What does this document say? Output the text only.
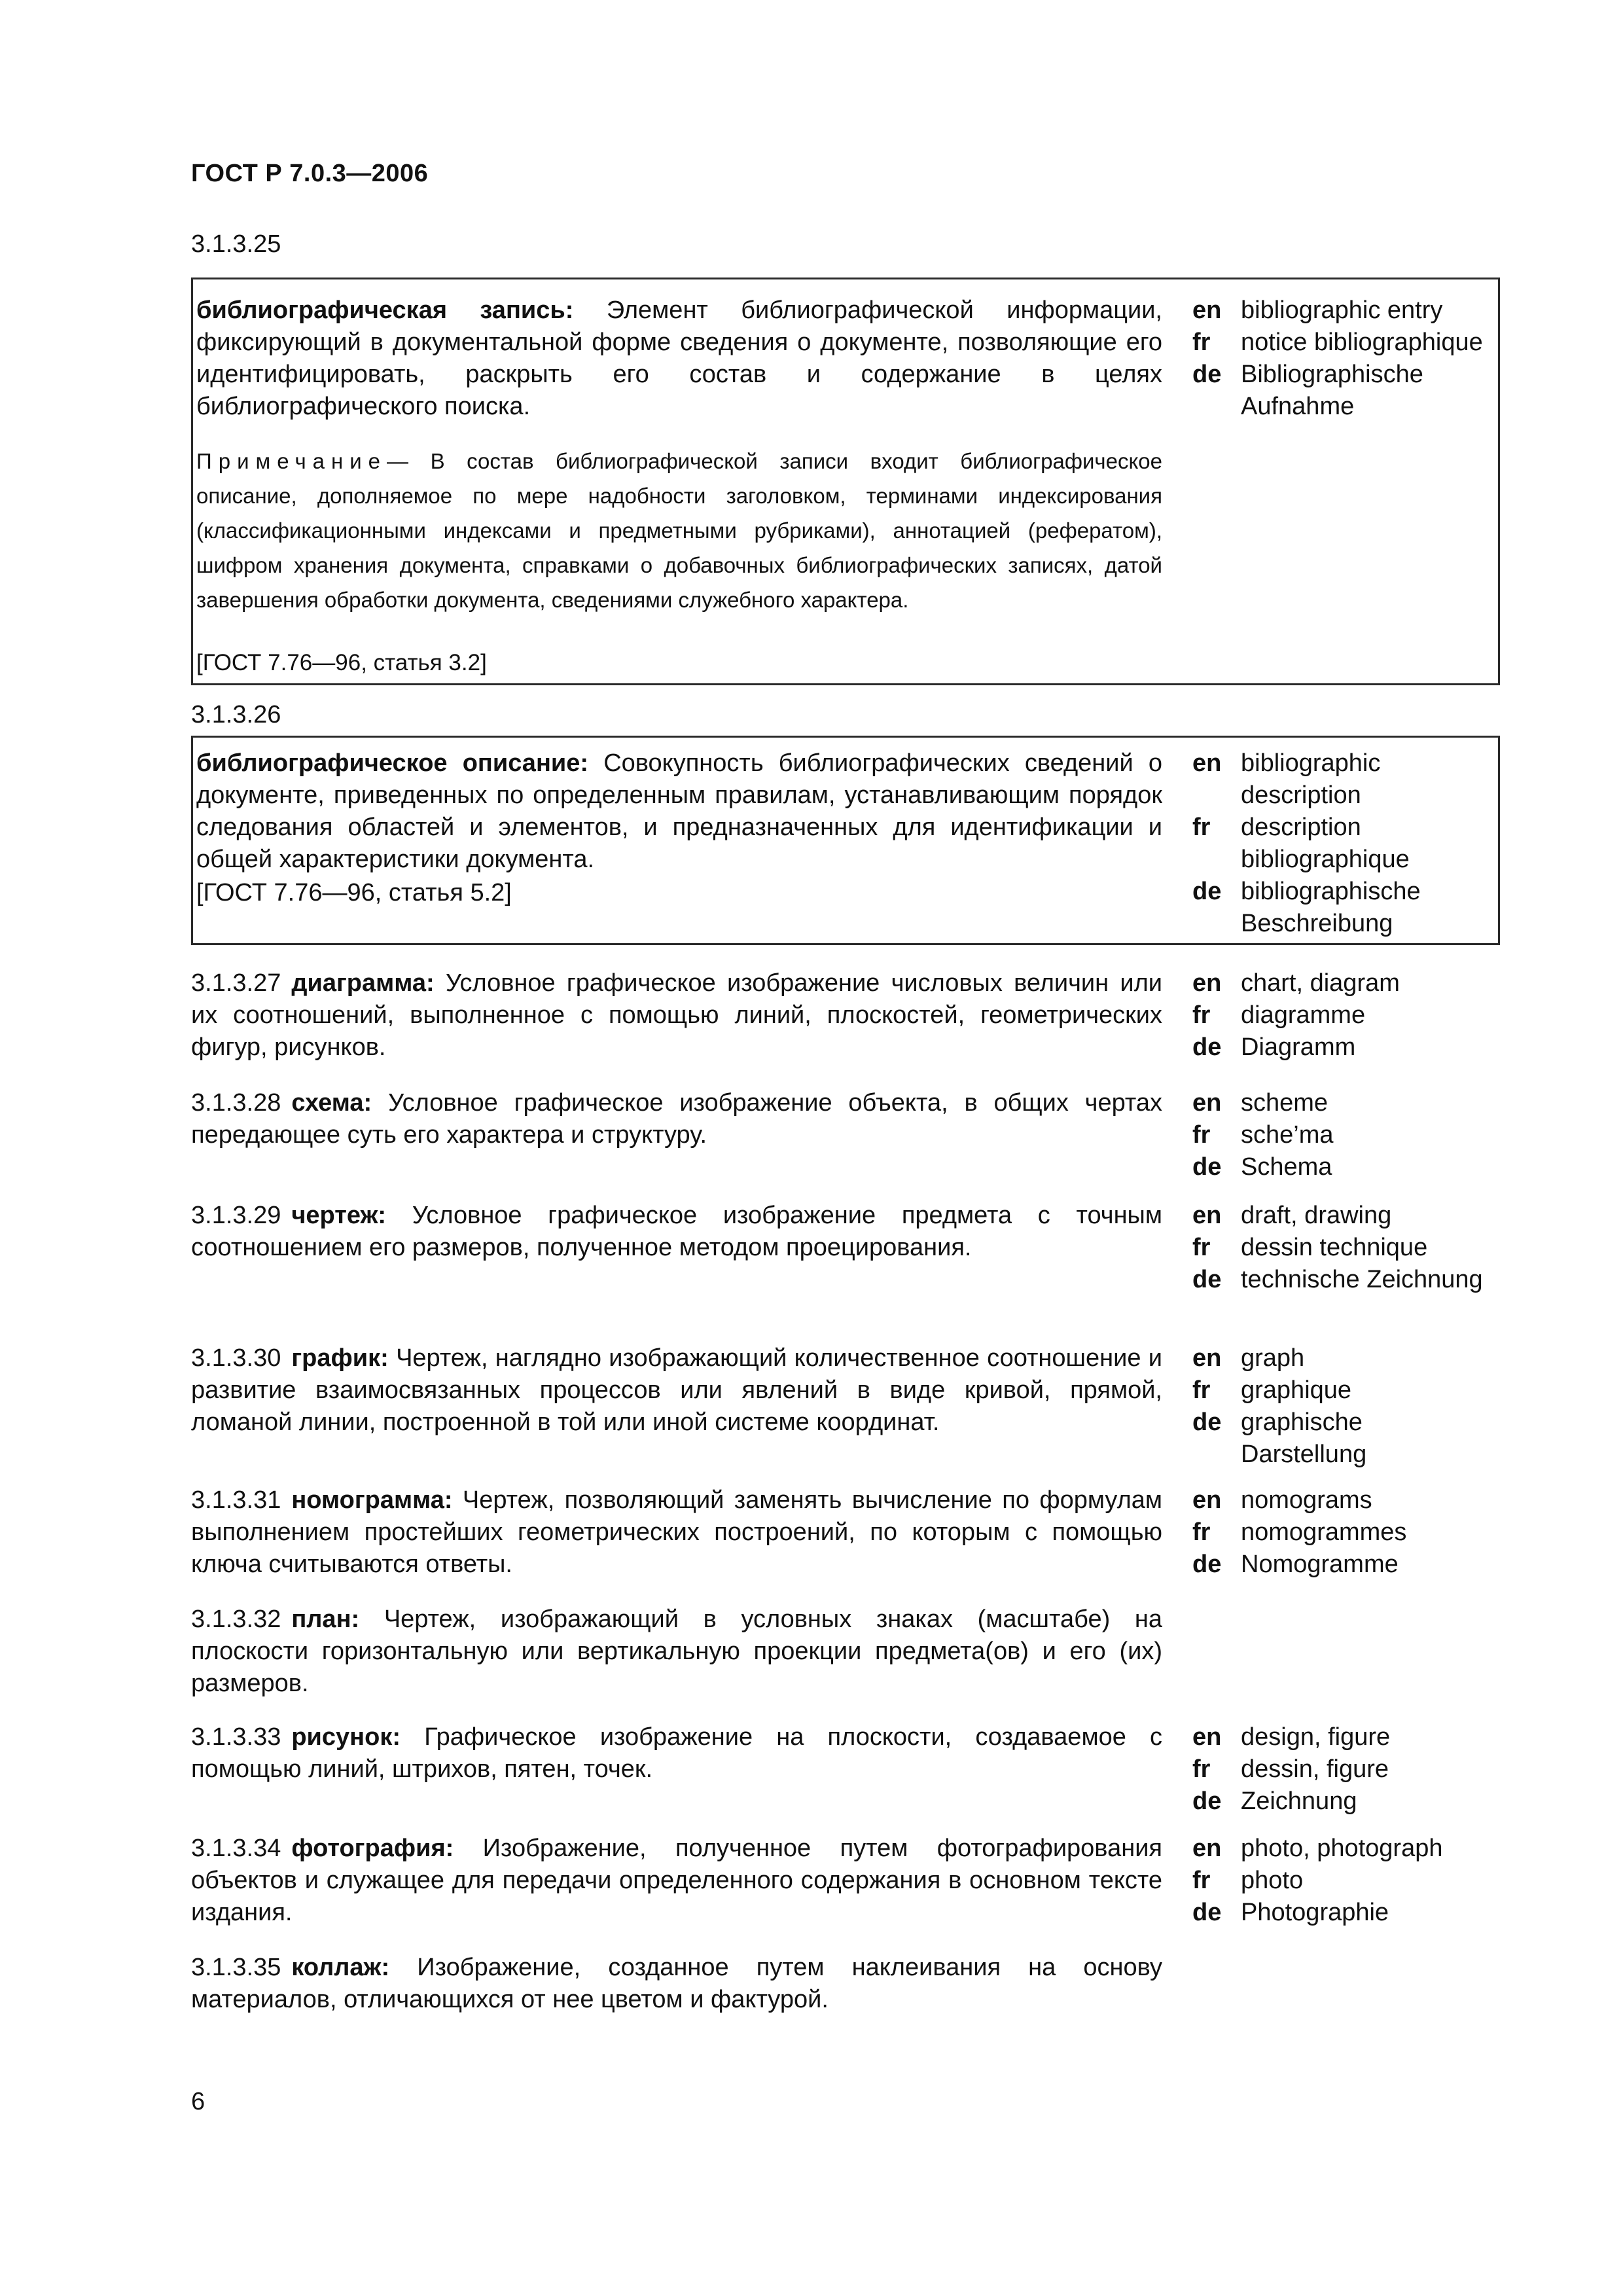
ГОСТ Р 7.0.3—2006
3.1.3.25
библиографическая запись: Элемент библиографической информации, фиксирующий в документальной форме сведения о документе, позволяющие его идентифицировать, раскрыть его состав и содержание в целях библиографического поиска.
Примечание— В состав библиографической записи входит библиографическое описание, дополняемое по мере надобности заголовком, терминами индексирования (классификационными индексами и предметными рубриками), аннотацией (рефератом), шифром хранения документа, справками о добавочных библиографических записях, датой завершения обработки документа, сведениями служебного характера.
[ГОСТ 7.76—96, статья 3.2]
en bibliographic entry
fr	notice bibliographique
de Bibliographische Aufnahme
3.1.3.26
библиографическое описание: Совокупность библиографических сведений о документе, приведенных по определенным правилам, устанавливающим порядок следования областей и элементов, и предназначенных для идентификации и общей характеристики документа.
[ГОСТ 7.76—96, статья 5.2]
en bibliographic description
fr	description bibliographique
de bibliographische Beschreibung
3.1.3.27 диаграмма: Условное графическое изображение числовых величин или их соотношений, выполненное с помощью линий, плоскостей, геометрических фигур, рисунков.
en chart, diagram
fr	diagramme
de Diagramm
3.1.3.28 схема: Условное графическое изображение объекта, в общих чертах передающее суть его характера и структуру.
en scheme
fr	sche’ma
de Schema
3.1.3.29 чертеж: Условное графическое изображение предмета с точным соотношением его размеров, полученное методом проецирования.
en draft, drawing
fr	dessin technique
de technische Zeichnung
3.1.3.30 график: Чертеж, наглядно изображающий количественное соотношение и развитие взаимосвязанных процессов или явлений в виде кривой, прямой, ломаной линии, построенной в той или иной системе координат.
en graph
fr	graphique
de graphische Darstellung
3.1.3.31 номограмма: Чертеж, позволяющий заменять вычисление по формулам выполнением простейших геометрических построений, по которым с помощью ключа считываются ответы.
en nomograms
fr	nomogrammes
de Nomogramme
3.1.3.32 план: Чертеж, изображающий в условных знаках (масштабе) на плоскости горизонтальную или вертикальную проекции предмета(ов) и его (их) размеров.
3.1.3.33 рисунок: Графическое изображение на плоскости, создаваемое с помощью линий, штрихов, пятен, точек.
en design, figure
fr	dessin, figure
de Zeichnung
3.1.3.34 фотография: Изображение, полученное путем фотографирования объектов и служащее для передачи определенного содержания в основном тексте издания.
en photo, photograph
fr	photo
de Photographie
3.1.3.35 коллаж: Изображение, созданное путем наклеивания на основу материалов, отличающихся от нее цветом и фактурой.
6
